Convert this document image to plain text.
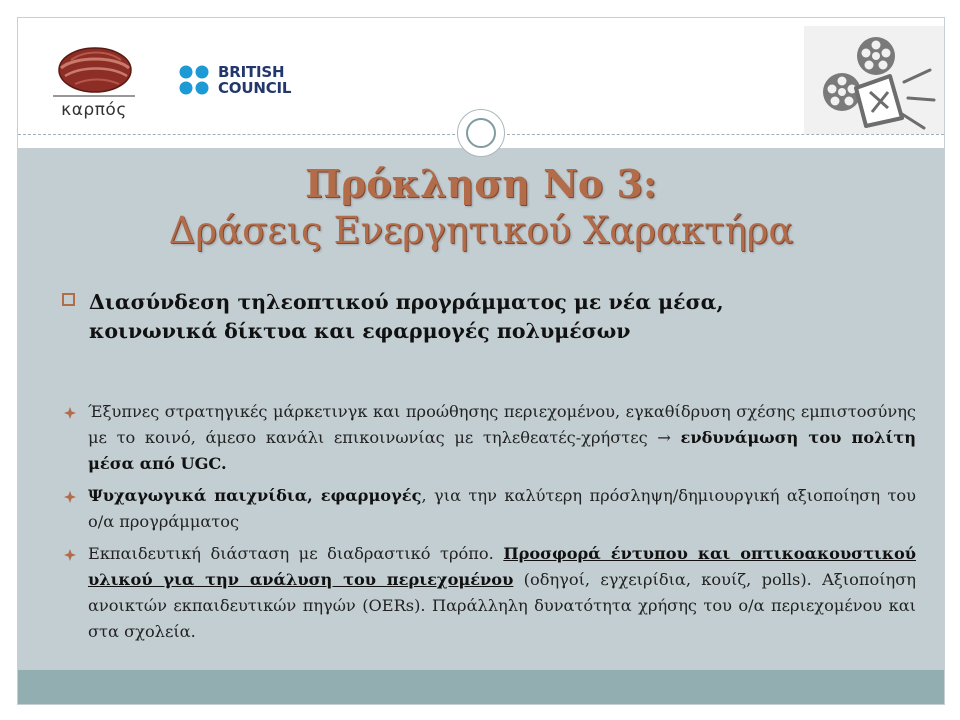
καρπός
BRITISH
COUNCIL
Πρόκληση Νο 3:
Δράσεις Ενεργητικού Χαρακτήρα
Διασύνδεση τηλεοπτικού προγράμματος με νέα μέσα,
κοινωνικά δίκτυα και εφαρμογές πολυμέσων
Έξυπνες στρατηγικές μάρκετινγκ και προώθησης περιεχομένου, εγκαθίδρυση σχέσης εμπιστοσύνης με το κοινό, άμεσο κανάλι επικοινωνίας με τηλεθεατές-χρήστες → ενδυνάμωση του πολίτη μέσα από UGC.
Ψυχαγωγικά παιχνίδια, εφαρμογές, για την καλύτερη πρόσληψη/δημιουργική αξιοποίηση του ο/α προγράμματος
Εκπαιδευτική διάσταση με διαδραστικό τρόπο. Προσφορά έντυπου και οπτικοακουστικού υλικού για την ανάλυση του περιεχομένου (οδηγοί, εγχειρίδια, κουίζ, polls). Αξιοποίηση ανοικτών εκπαιδευτικών πηγών (OERs). Παράλληλη δυνατότητα χρήσης του ο/α περιεχομένου και στα σχολεία.
